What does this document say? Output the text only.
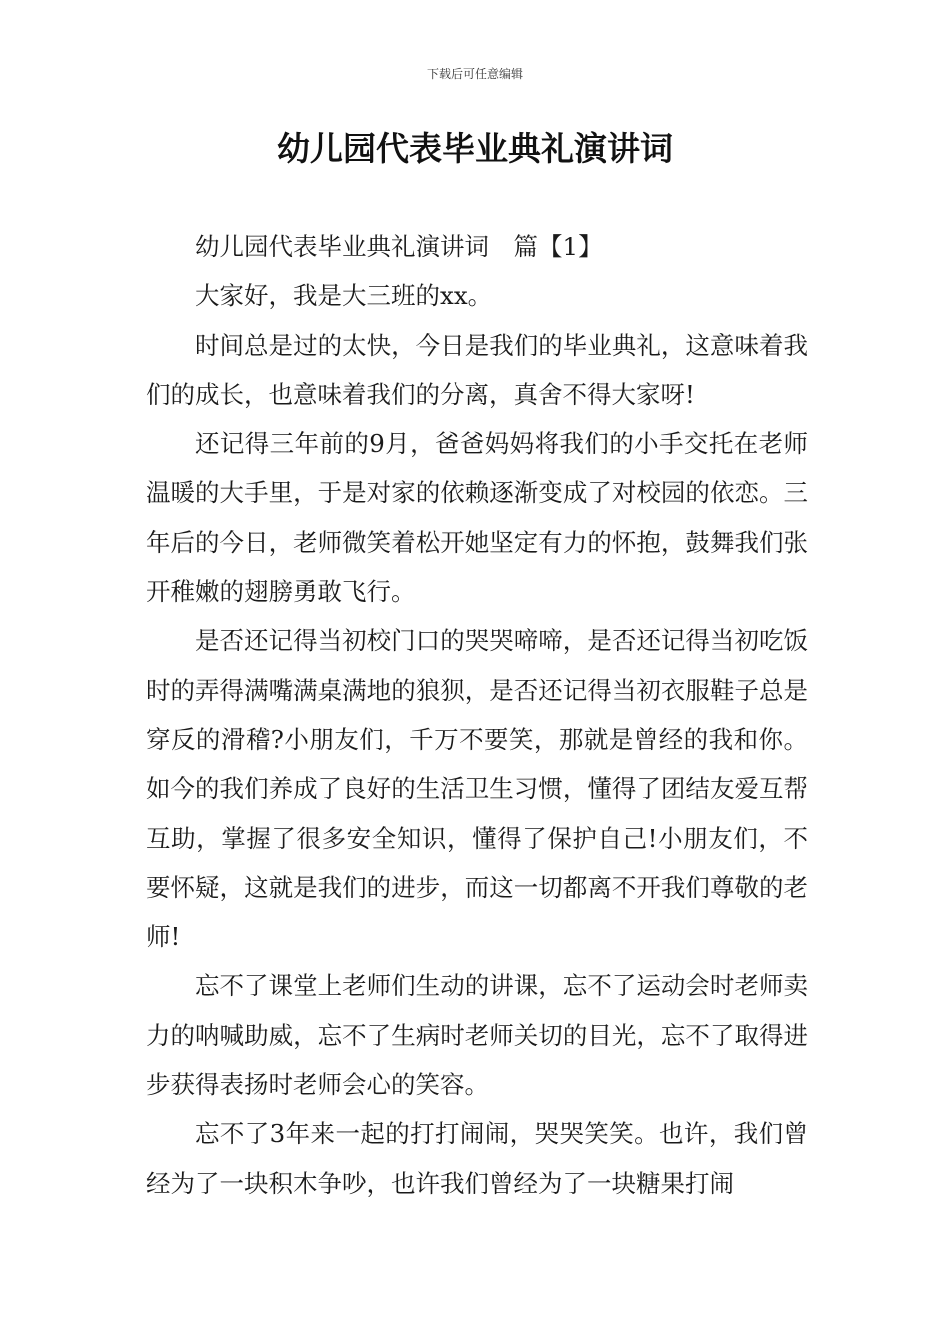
下载后可任意编辑
幼儿园代表毕业典礼演讲词

幼儿园代表毕业典礼演讲词　篇【1】

大家好，我是大三班的xx。

时间总是过的太快，今日是我们的毕业典礼，这意味着我们的成长，也意味着我们的分离，真舍不得大家呀!

还记得三年前的9月，爸爸妈妈将我们的小手交托在老师温暖的大手里，于是对家的依赖逐渐变成了对校园的依恋。三年后的今日，老师微笑着松开她坚定有力的怀抱，鼓舞我们张开稚嫩的翅膀勇敢飞行。

是否还记得当初校门口的哭哭啼啼，是否还记得当初吃饭时的弄得满嘴满桌满地的狼狈，是否还记得当初衣服鞋子总是穿反的滑稽?小朋友们，千万不要笑，那就是曾经的我和你。如今的我们养成了良好的生活卫生习惯，懂得了团结友爱互帮互助，掌握了很多安全知识，懂得了保护自己!小朋友们，不要怀疑，这就是我们的进步，而这一切都离不开我们尊敬的老师!

忘不了课堂上老师们生动的讲课，忘不了运动会时老师卖力的呐喊助威，忘不了生病时老师关切的目光，忘不了取得进步获得表扬时老师会心的笑容。

忘不了3年来一起的打打闹闹，哭哭笑笑。也许，我们曾经为了一块积木争吵，也许我们曾经为了一块糖果打闹
